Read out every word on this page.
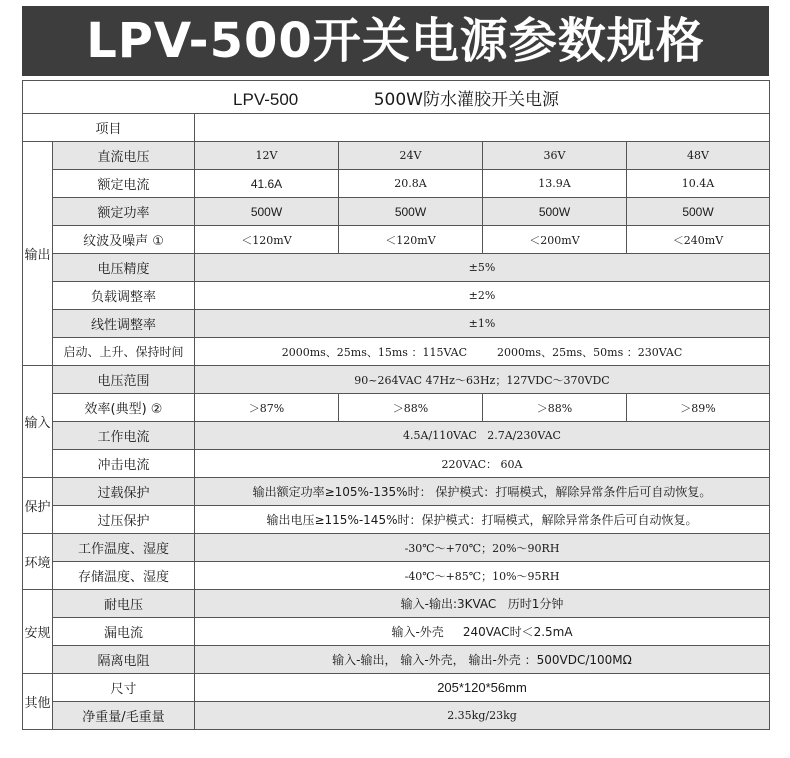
LPV-500开关电源参数规格
LPV-500 500W防水灌胶开关电源					
项目					
输出	直流电压	12V	24V	36V	48V
	额定电流	41.6A	20.8A	13.9A	10.4A
	额定功率	500W	500W	500W	500W
	纹波及噪声 ①	＜120mV	＜120mV	＜200mV	＜240mV
	电压精度	±5%			
	负载调整率	±2%			
	线性调整率	±1%			
	启动、上升、保持时间	2000ms、25ms、15ms ：115VAC 2000ms、25ms、50ms ：230VAC			
输入	电压范围	90~264VAC 47Hz～63Hz；127VDC～370VDC			
	效率(典型) ②	＞87%	＞88%	＞88%	＞89%
	工作电流	4.5A/110VAC   2.7A/230VAC			
	冲击电流	220VAC： 60A			
保护	过载保护	输出额定功率≥105%-135%时： 保护模式：打嗝模式，解除异常条件后可自动恢复。			
	过压保护	输出电压≥115%-145%时：保护模式：打嗝模式，解除异常条件后可自动恢复。			
环境	工作温度、湿度	-30℃～+70℃；20%～90RH			
	存储温度、湿度	-40℃～+85℃；10%～95RH			
安规	耐电压	输入-输出:3KVAC   历时1分钟			
	漏电流	输入-外壳     240VAC时＜2.5mA			
	隔离电阻	输入-输出， 输入-外壳， 输出-外壳 ：500VDC/100MΩ			
其他	尺寸	205*120*56mm			
	净重量/毛重量	2.35kg/23kg			
